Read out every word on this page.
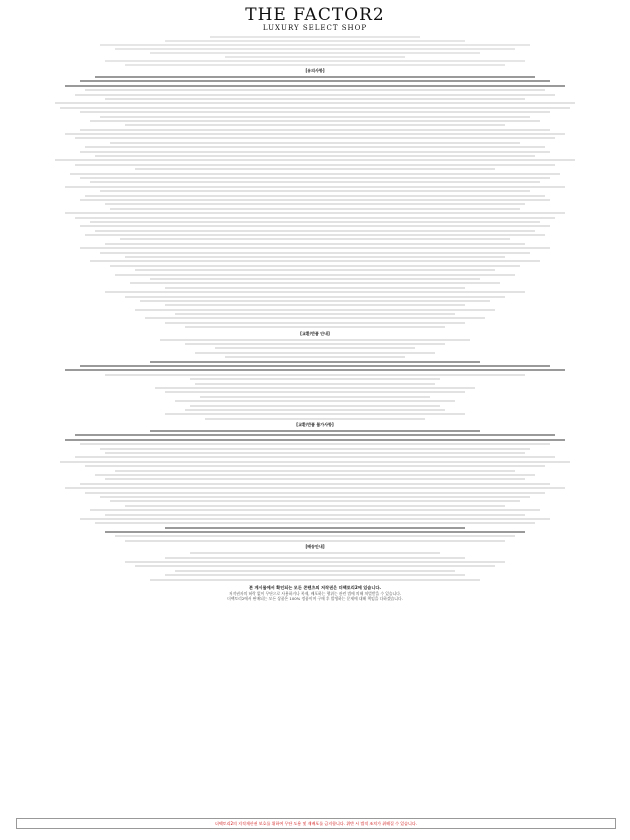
THE FACTOR2
LUXURY SELECT SHOP
[유의사항]
[교환/반품 안내]
[교환/반품 불가사항]
[배송안내]
본 게시물에서 확인되는 모든 콘텐츠의 저작권은 더팩토리2에 있습니다.
저작권자의 허락 없이 무단으로 사용하거나 복제, 배포하는 행위는 관련 법에 의해 처벌받을 수 있습니다.
더팩토리2에서 판매되는 모든 상품은 100% 정품이며 구매 후 발생하는 문제에 대해 책임을 다하겠습니다.
더팩토리2의 지적재산권 보호를 위하여 무단 도용 및 재배포를 금지합니다. 위반 시 법적 조치가 취해질 수 있습니다.
